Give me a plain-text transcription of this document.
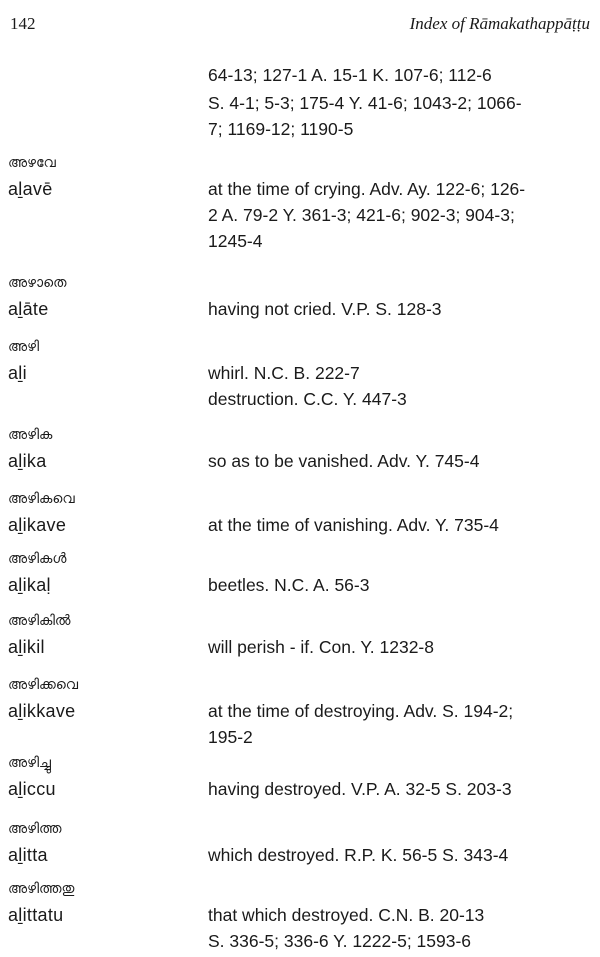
142	Index of Rāmakathappāṭṭu
64-13; 127-1 A. 15-1 K. 107-6; 112-6
S. 4-1; 5-3; 175-4 Y. 41-6; 1043-2; 1066-
7; 1169-12; 1190-5
അഴവേ
aḻavē	at the time of crying. Adv. Ay. 122-6; 126-
2 A. 79-2 Y. 361-3; 421-6; 902-3; 904-3;
1245-4
അഴാതെ
aḻāte	having not cried. V.P. S. 128-3
അഴി
aḻi	whirl. N.C. B. 222-7
destruction. C.C. Y. 447-3
അഴിക
aḻika	so as to be vanished. Adv. Y. 745-4
അഴികവെ
aḻikave	at the time of vanishing. Adv. Y. 735-4
അഴികൾ
aḻikaḷ	beetles. N.C. A. 56-3
അഴികിൽ
aḻikil	will perish - if. Con. Y. 1232-8
അഴിക്കവെ
aḻikkave	at the time of destroying. Adv. S. 194-2;
195-2
അഴിച്ചു
aḻiccu	having destroyed. V.P. A. 32-5 S. 203-3
അഴിത്ത
aḻitta	which destroyed. R.P. K. 56-5 S. 343-4
അഴിത്തതു
aḻittatu	that which destroyed. C.N. B. 20-13
S. 336-5; 336-6 Y. 1222-5; 1593-6
